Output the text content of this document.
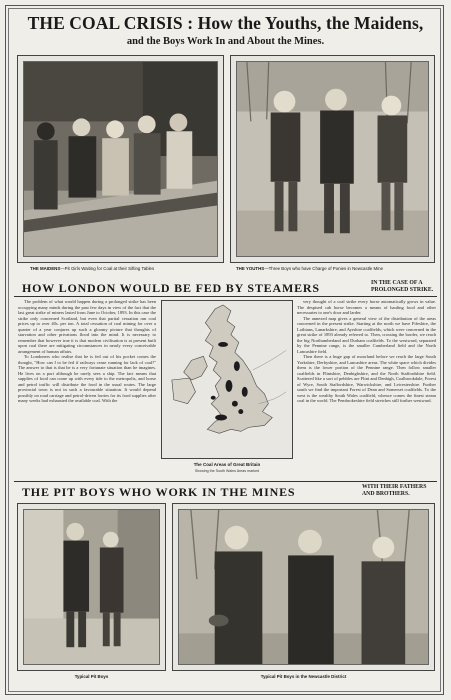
THE COAL CRISIS : How the Youths, the Maidens,
and the Boys Work In and About the Mines.
THE MAIDENS—Pit Girls Waiting for Coal at their Sifting Tables	THE YOUTHS—Three Boys who have Charge of Ponies in Newcastle Mine
HOW LONDON WOULD BE FED BY STEAMERS	IN THE CASE OF A
PROLONGED STRIKE.

The problem of what would happen during a prolonged strike has been occupying many minds during the past few days in view of the fact that the last great strike of miners lasted from June to October, 1893. In this case the strike only concerned Scotland, but even that partial cessation ran coal prices up to over 40s. per ton. A total cessation of coal mining for over a quarter of a year conjures up such a gloomy picture that thoughts of starvation and other privations flood into the mind. It is necessary to remember that however true it is that modern civilisation is at present built upon coal there are mitigating circumstances in nearly every conceivable arrangement of human affairs.

To Londoners who realise that he is fed out of his pocket comes the thought, "How can I to be fed if railways cease running for lack of coal?" The answer to that is that he is a very fortunate situation than he imagines. He lives on a port although he rarely sees a ship. The fact means that supplies of food can come up with every tide to the metropolis, and horse and petrol traffic will distribute the food in the usual routes. The large provincial town is not in such a favourable situation. It would depend possibly on road carriage and petrol-driven lorries for its food supplies after many weeks had exhausted the available coal. With the

The Coal Areas of Great Britain
Showing the South Wales Areas marked

very thought of a coal strike every horse automatically grows in value. The despised cab horse becomes a means of hauling food and other necessaries to one's door and larder.

The annexed map gives a general view of the distribution of the areas concerned in the present strike. Starting at the north we have Fifeshire, the Lothians, Lanarkshire, and Ayrshire coalfields, which were concerned in the great strike of 1893 already referred to. Then, crossing the border, we reach the big Northumberland and Durham coalfields. To the westward, separated by the Pennine range, is the smaller Cumberland field and the North Lancashire field.

Then there is a huge gap of moorland before we reach the large South Yorkshire, Derbyshire, and Lancashire areas. The white space which divides them is the lower portion of the Pennine range. Then follow smaller coalfields in Flintshire, Denbighshire, and the North Staffordshire field. Scattered like a sort of pebbles are Flint and Denbigh, Coalbrookdale, Forest of Wyre, South Staffordshire, Warwickshire, and Leicestershire. Further south we find the important Forest of Dean and Somerset coalfields. To the west is the wealthy South Wales coalfield, whence comes the finest steam coal in the world. The Pembrokeshire field stretches still further westward.

THE PIT BOYS WHO WORK IN THE MINES	WITH THEIR FATHERS
AND BROTHERS.
Typical Pit Boys	Typical Pit Boys in the Newcastle District
